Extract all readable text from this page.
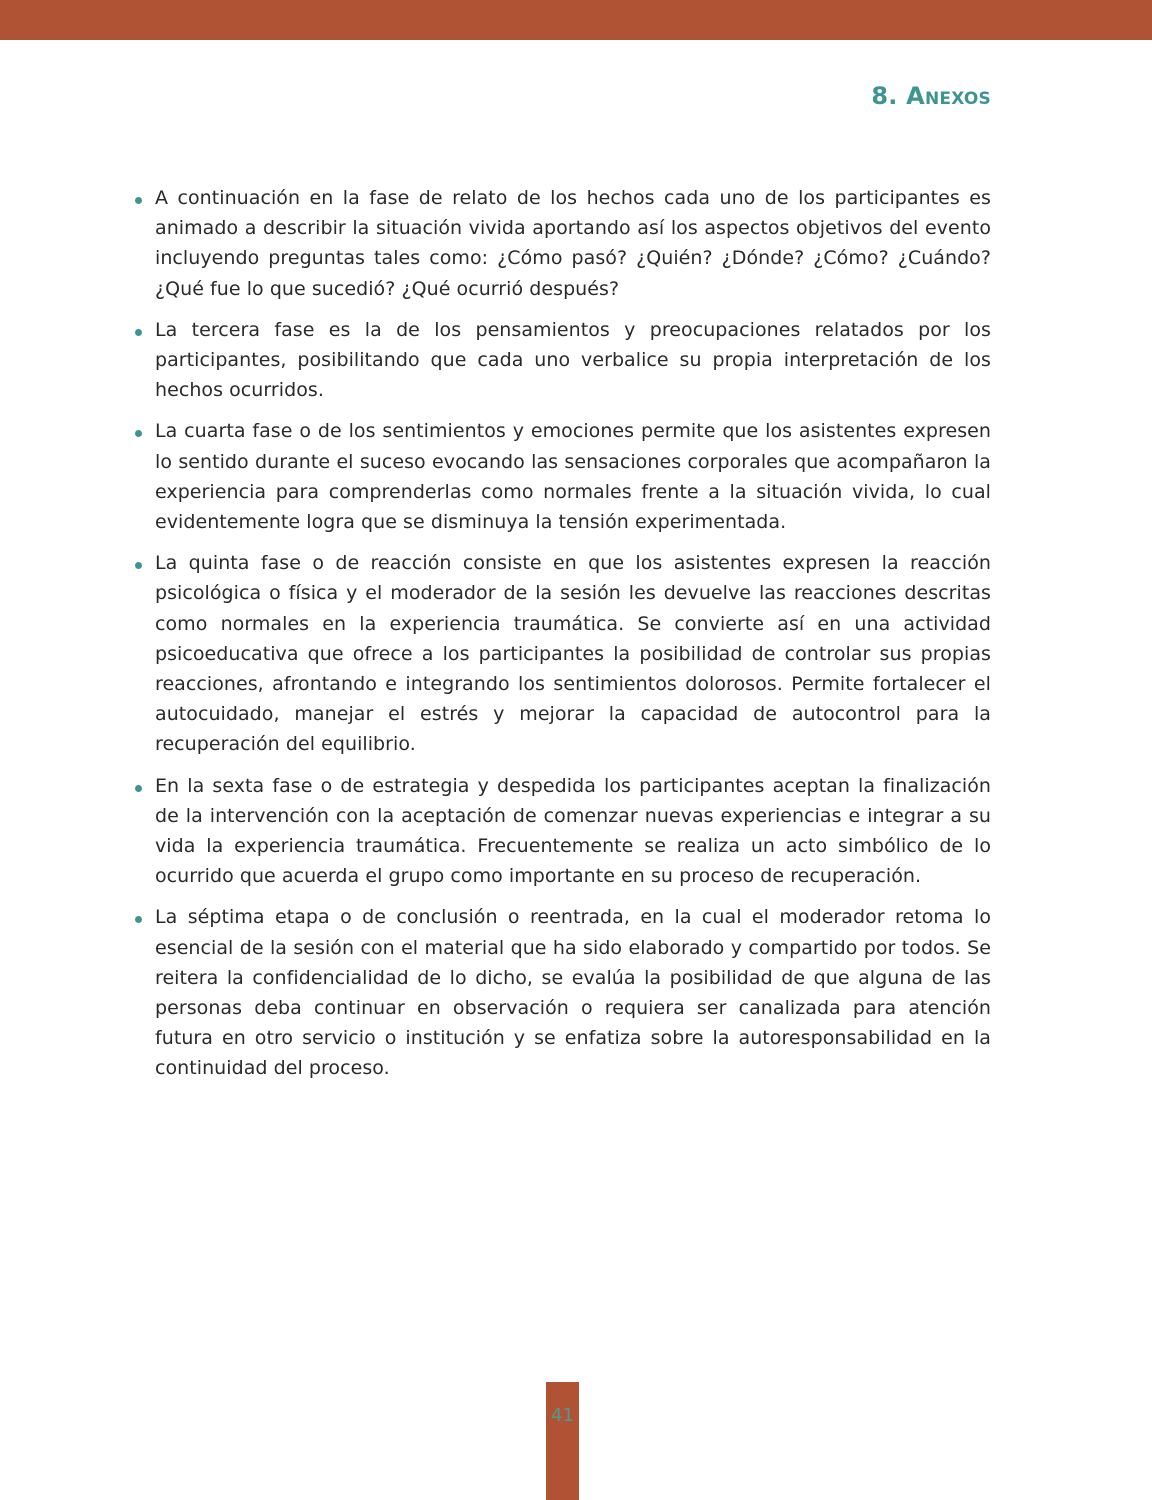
8. Anexos
A continuación en la fase de relato de los hechos cada uno de los participantes es animado a describir la situación vivida aportando así los aspectos objetivos del evento incluyendo preguntas tales como: ¿Cómo pasó? ¿Quién? ¿Dónde? ¿Cómo? ¿Cuándo? ¿Qué fue lo que sucedió? ¿Qué ocurrió después?
La tercera fase es la de los pensamientos y preocupaciones relatados por los participantes, posibilitando que cada uno verbalice su propia interpretación de los hechos ocurridos.
La cuarta fase o de los sentimientos y emociones permite que los asistentes expresen lo sentido durante el suceso evocando las sensaciones corporales que acompañaron la experiencia para comprenderlas como normales frente a la situación vivida, lo cual evidentemente logra que se disminuya la tensión experimentada.
La quinta fase o de reacción consiste en que los asistentes expresen la reacción psicológica o física y el moderador de la sesión les devuelve las reacciones descritas como normales en la experiencia traumática. Se convierte así en una actividad psicoeducativa que ofrece a los participantes la posibilidad de controlar sus propias reacciones, afrontando e integrando los sentimientos dolorosos. Permite fortalecer el autocuidado, manejar el estrés y mejorar la capacidad de autocontrol para la recuperación del equilibrio.
En la sexta fase o de estrategia y despedida los participantes aceptan la finalización de la intervención con la aceptación de comenzar nuevas experiencias e integrar a su vida la experiencia traumática. Frecuentemente se realiza un acto simbólico de lo ocurrido que acuerda el grupo como importante en su proceso de recuperación.
La séptima etapa o de conclusión o reentrada, en la cual el moderador retoma lo esencial de la sesión con el material que ha sido elaborado y compartido por todos. Se reitera la confidencialidad de lo dicho, se evalúa la posibilidad de que alguna de las personas deba continuar en observación o requiera ser canalizada para atención futura en otro servicio o institución y se enfatiza sobre la autoresponsabilidad en la continuidad del proceso.
41
